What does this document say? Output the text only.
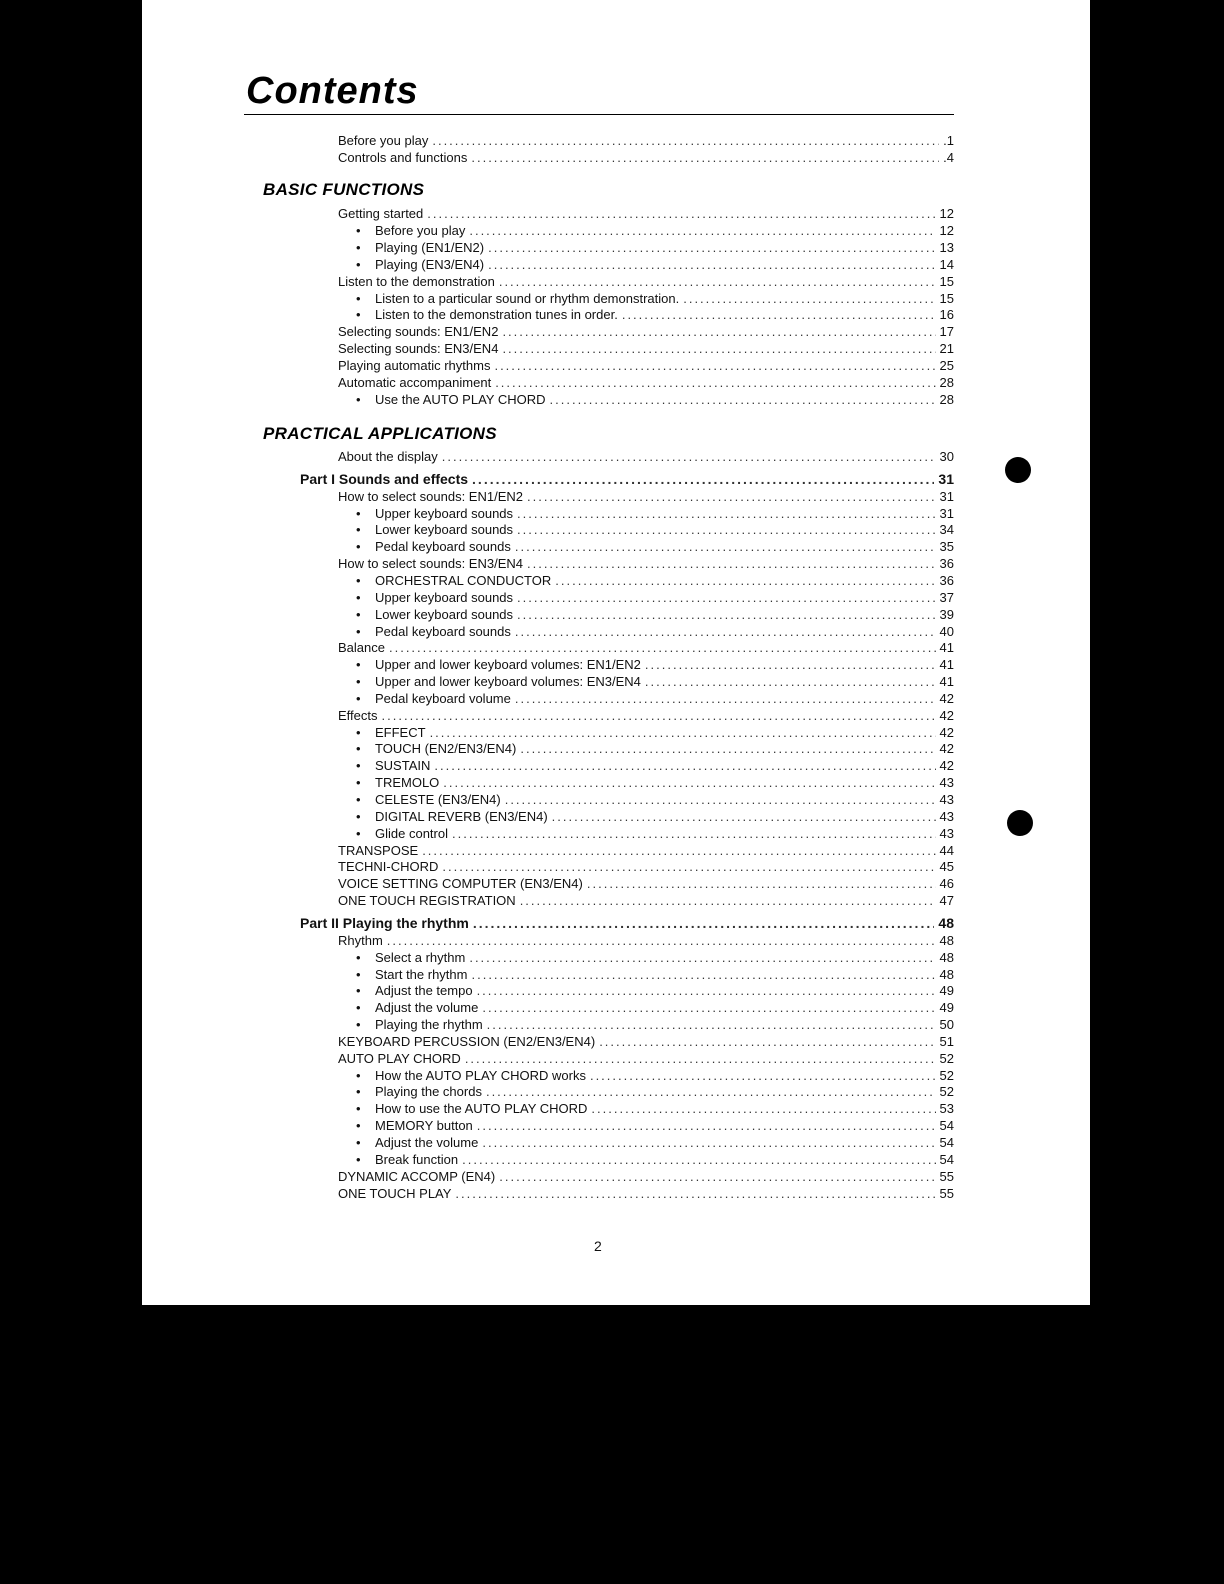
Contents
Before you play .....	.1
Controls and functions .....	.4
Getting started .....	12
•	Before you play .....	12
•	Playing (EN1/EN2) .....	13
•	Playing (EN3/EN4) .....	14
Listen to the demonstration .....	15
•	Listen to a particular sound or rhythm demonstration. .....	15
•	Listen to the demonstration tunes in order. .....	16
Selecting sounds: EN1/EN2 .....	17
Selecting sounds: EN3/EN4 .....	21
Playing automatic rhythms .....	25
Automatic accompaniment .....	28
•	Use the AUTO PLAY CHORD .....	28
About the display .....	30
Part I Sounds and effects .....	31
How to select sounds: EN1/EN2 .....	31
•	Upper keyboard sounds .....	31
•	Lower keyboard sounds .....	34
•	Pedal keyboard sounds .....	35
How to select sounds: EN3/EN4 .....	36
•	ORCHESTRAL CONDUCTOR .....	36
•	Upper keyboard sounds .....	37
•	Lower keyboard sounds .....	39
•	Pedal keyboard sounds .....	40
Balance .....	41
•	Upper and lower keyboard volumes: EN1/EN2 .....	41
•	Upper and lower keyboard volumes: EN3/EN4 .....	41
•	Pedal keyboard volume .....	42
Effects .....	42
•	EFFECT .....	42
•	TOUCH (EN2/EN3/EN4) .....	42
•	SUSTAIN .....	42
•	TREMOLO .....	43
•	CELESTE (EN3/EN4) .....	43
•	DIGITAL REVERB (EN3/EN4) .....	43
•	Glide control .....	43
TRANSPOSE .....	44
TECHNI-CHORD .....	45
VOICE SETTING COMPUTER (EN3/EN4) .....	46
ONE TOUCH REGISTRATION .....	47
Part II Playing the rhythm .....	48
Rhythm .....	48
•	Select a rhythm .....	48
•	Start the rhythm .....	48
•	Adjust the tempo .....	49
•	Adjust the volume .....	49
•	Playing the rhythm .....	50
KEYBOARD PERCUSSION (EN2/EN3/EN4) .....	51
AUTO PLAY CHORD .....	52
•	How the AUTO PLAY CHORD works .....	52
•	Playing the chords .....	52
•	How to use the AUTO PLAY CHORD .....	53
•	MEMORY button .....	54
•	Adjust the volume .....	54
•	Break function .....	54
DYNAMIC ACCOMP (EN4) .....	55
ONE TOUCH PLAY .....	55
BASIC FUNCTIONS
PRACTICAL APPLICATIONS
2
